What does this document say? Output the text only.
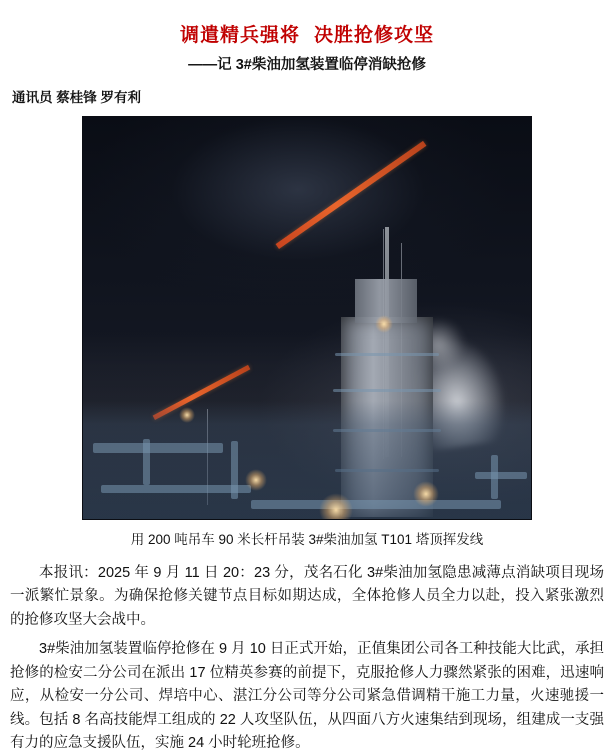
调遣精兵强将 决胜抢修攻坚
——记 3#柴油加氢装置临停消缺抢修
通讯员 蔡桂锋 罗有利
用 200 吨吊车 90 米长杆吊装 3#柴油加氢 T101 塔顶挥发线

本报讯：2025 年 9 月 11 日 20：23 分，茂名石化 3#柴油加氢隐患减薄点消缺项目现场一派繁忙景象。为确保抢修关键节点目标如期达成，全体抢修人员全力以赴，投入紧张激烈的抢修攻坚大会战中。

3#柴油加氢装置临停抢修在 9 月 10 日正式开始，正值集团公司各工种技能大比武，承担抢修的检安二分公司在派出 17 位精英参赛的前提下，克服抢修人力骤然紧张的困难，迅速响应，从检安一分公司、焊培中心、湛江分公司等分公司紧急借调精干施工力量，火速驰援一线。包括 8 名高技能焊工组成的 22 人攻坚队伍，从四面八方火速集结到现场，组建成一支强有力的应急支援队伍，实施 24 小时轮班抢修。
